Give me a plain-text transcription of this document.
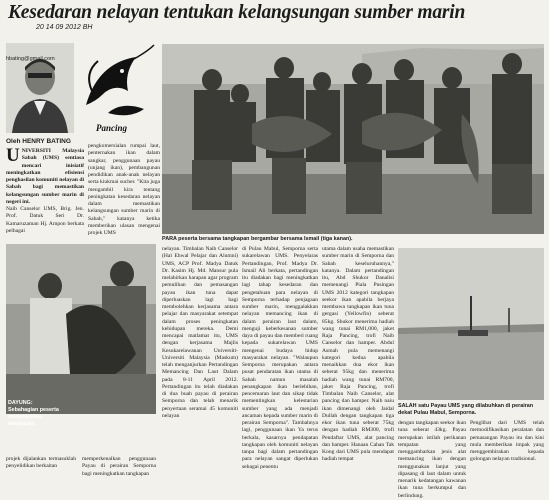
Kesedaran nelayan tentukan kelangsungan sumber marin
20 14 09 2012 BH
hbating@gmail.com
Pancing
Oleh HENRY BATING
PARA peserta bersama tangkapan bergambar bersama Ismail (tiga kanan).
UNIVERSITI Malaysia Sabah (UMS) sentiasa mencari inisiatif meningkatkan efisiensi penghasilan komuniti nelayan di Sabah bagi memastikan kelangsungan sumber marin di negeri ini.

Naib Canselor UMS, Brig. Jen. Prof. Datuk Seri Dr. Kamaruzaman Hj. Ampon berkata pelbagai

pengkomersialan rumpai laut, penternakan ikan dalam sangkar, penggunaan payau (unjang ikan), pembangunan pendidikan anak-anak nelayan serta kiukmai sucher. "Kita juga mengambil kira tentang peningkatan kesedaran nelayan dalam memastikan kelangsungan sumber marin di Sabah," katanya ketika memberikan ulasan mengenai projek UMS

DAYUNG: Sebahagian peserta menunjukkan tangkapan.

projek dijalankan termasuklah penyelidikan berkaitan

memperkenalkan penggunaan Payau di perairan Semporna bagi meningkatkan tangkapan

nelayan. Timbalan Naib Canselor (Hal Ehwal Pelajar dan Alumni) UMS, ACP Prof. Madya Datuk Dr. Kasim Hj. Md. Mansur pula melahirkan harapan agar program pemulihan dan pemasangan payau ikan tuna dapat diperluaskan lagi bagi membolehkan kerjasama antara pelajar dan masyarakat setempat dalam proses peningkatan kehidupan mereka. Demi mencapai matlamat itu, UMS dengan kerjasama Majlis Kesukarelawanan Universiti-Universiti Malaysia (Maskum) telah menganjurkan Pertandingan Memancing Dan Laut Dalam pada 8-11 April 2012. Pertandingan itu telah diadakan di dua buah payau di perairan Semporna dan telah menarik penyertaan seramai 45 komuniti nelayan

di Pulau Mabul, Semporna serta sukarelawan UMS. Penyelaras Pertandingan, Prof. Madya Dr. Ismail Ali berkata, pertandingan itu diadakan bagi meningkatkan lagi tahap kesedaran dan pengetahuan para nelayan di Semporna terhadap penjagaan sumber marin, menggalakkan nelayan memancing ikan di dalam perairan laut dalam, menguji keberkesanan sumber daya di payau dan memberi ruang kepada sukarelawan UMS mengenai budaya hidup masyarakat nelayan. "Walaupun Semporna merupakan antara pusat pendaratan ikan utama di Sabah namun masalah penangkapan ikan berlebihan, pencemaran laut dan sikap tidak mementingkan kelestarian sumber yang ada menjadi ancaman kepada sumber marin di perairan Semporna". Tambahnya lagi, penggunaan ikan Ya terus berkala, kasarnya pendapatan tangkapan oleh komuniti nelayan tanpa bagi dalam pertandingan para nelayan sangat diperlukan sebagai penentu

utama dalam usaha memastikan sumber marin di Semporna dan Sabah keseluruhannya," katanya. Dalam pertandingan itu, Abd Shukor Danalisi memenangi Piala Pusingan UMS 2012 kategori tangkapan seekor ikan apabila berjaya membawa tangkapan ikan tuna gergasi (Yellowfin) seberat 85kg. Shukor menerima hadiah wang tunai RM1,000, jaket Raja Pancing, trofi Naib Canselor dan hamper. Abdul Asmah pula memenangi kategori kedua apabila menaikkan dua ekor ikan seberat 95kg dan menerima hadiah wang tunai RM700, jaket Raja Pancing, trofi Timbalan Naib Canselor, alat pancing dan hamper. Naib naiu ikan dimenangi oleh Jaidal Dullah dengan tangkapan tiga ekor ikan tuna seberat 75kg dengan hadiah RM300, trofi Pendaftar UMS, alat pancing dan hamper. Hanaan Cahan Tak Kong dari UMS pula mendapat hadiah tempat

SALAH satu Payau UMS yang dilabuhkan di perairan dekat Pulau Mabul, Semporna.

dengan tangkapan seekor ikan tuna seberat 43kg. Payau merupakan istilah perikanan tempatan yang menggambarkan jenis alat memancing ikan dengan menggunakan lanjut yang dipasang di laut dalam untuk menarik kedatangan kawanan ikan tuna berkumpul dan berlindung.

Penglibat dari UMS telah memodifikasikan peralatan dan pemasangan Payau itu dan kini mula memberikan impak yang menggembirakan kepada golongan nelayan tradisional.
